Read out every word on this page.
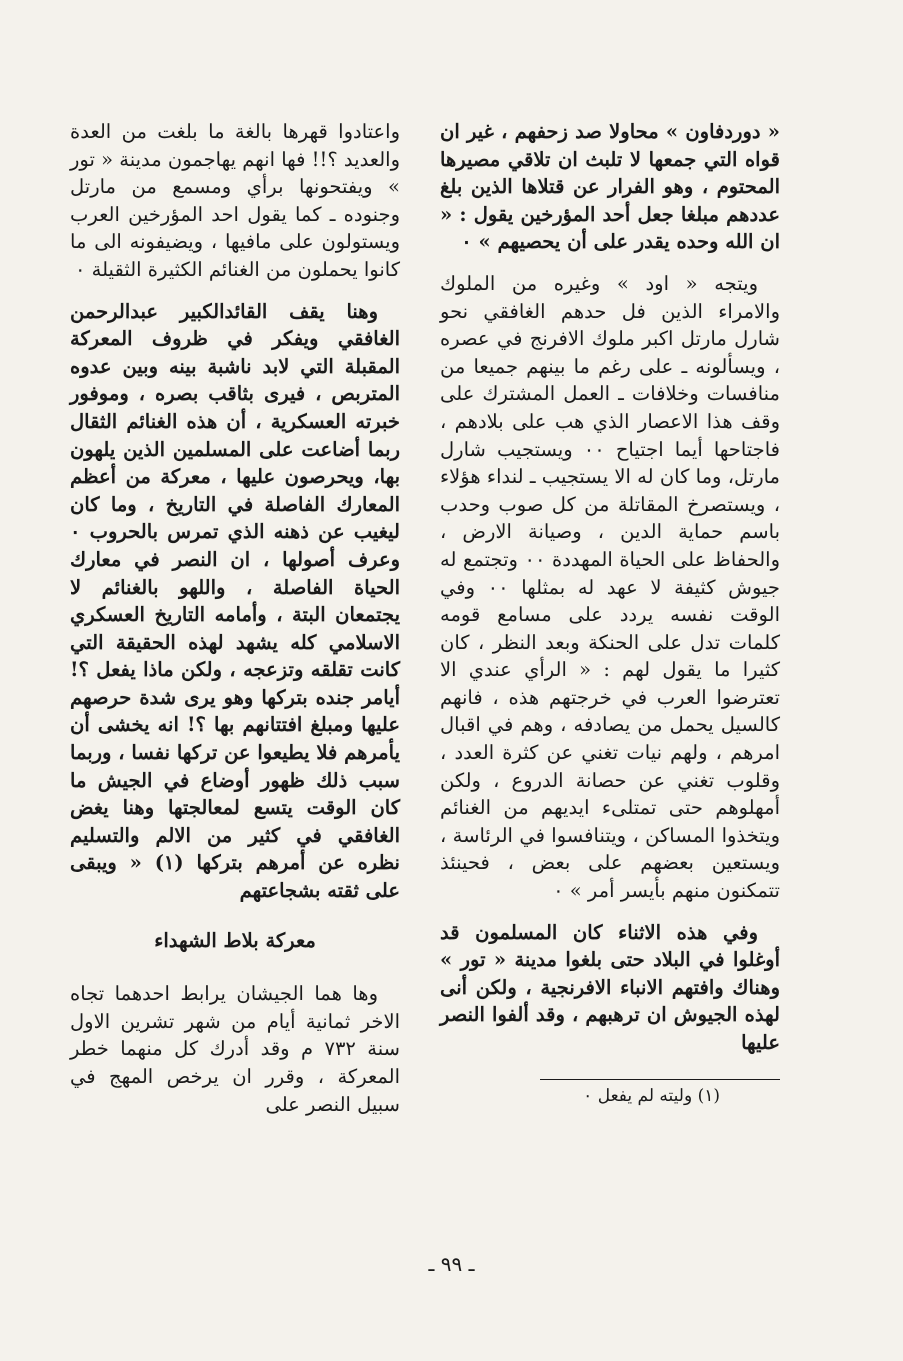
« دوردفاون » محاولا صد زحفهم ، غير ان قواه التي جمعها لا تلبث ان تلاقي مصيرها المحتوم ، وهو الفرار عن قتلاها الذين بلغ عددهم مبلغا جعل أحد المؤرخين يقول : « ان الله وحده يقدر على أن يحصيهم » ٠

ويتجه « اود » وغيره من الملوك والامراء الذين فل حدهم الغافقي نحو شارل مارتل اكبر ملوك الافرنج في عصره ، ويسألونه ـ على رغم ما بينهم جميعا من منافسات وخلافات ـ العمل المشترك على وقف هذا الاعصار الذي هب على بلادهم ، فاجتاحها أيما اجتياح ٠٠ ويستجيب شارل مارتل، وما كان له الا يستجيب ـ لنداء هؤلاء ، ويستصرخ المقاتلة من كل صوب وحدب باسم حماية الدين ، وصيانة الارض ، والحفاظ على الحياة المهددة ٠٠ وتجتمع له جيوش كثيفة لا عهد له بمثلها ٠٠ وفي الوقت نفسه يردد على مسامع قومه كلمات تدل على الحنكة وبعد النظر ، كان كثيرا ما يقول لهم : « الرأي عندي الا تعترضوا العرب في خرجتهم هذه ، فانهم كالسيل يحمل من يصادفه ، وهم في اقبال امرهم ، ولهم نيات تغني عن كثرة العدد ، وقلوب تغني عن حصانة الدروع ، ولكن أمهلوهم حتى تمتلىء ايديهم من الغنائم ويتخذوا المساكن ، ويتنافسوا في الرئاسة ، ويستعين بعضهم على بعض ، فحينئذ تتمكنون منهم بأيسر أمر » ٠

وفي هذه الاثناء كان المسلمون قد أوغلوا في البلاد حتى بلغوا مدينة « تور » وهناك وافتهم الانباء الافرنجية ، ولكن أنى لهذه الجيوش ان ترهبهم ، وقد ألفوا النصر عليها

(١) وليته لم يفعل ٠

واعتادوا قهرها بالغة ما بلغت من العدة والعديد ؟!! فها انهم يهاجمون مدينة « تور » ويفتحونها برأي ومسمع من مارتل وجنوده ـ كما يقول احد المؤرخين العرب ويستولون على مافيها ، ويضيفونه الى ما كانوا يحملون من الغنائم الكثيرة الثقيلة ٠

وهنا يقف القائدالكبير عبدالرحمن الغافقي ويفكر في ظروف المعركة المقبلة التي لابد ناشبة بينه وبين عدوه المتربص ، فيرى بثاقب بصره ، وموفور خبرته العسكرية ، أن هذه الغنائم الثقال ربما أضاعت على المسلمين الذين يلهون بها، ويحرصون عليها ، معركة من أعظم المعارك الفاصلة في التاريخ ، وما كان ليغيب عن ذهنه الذي تمرس بالحروب ٠ وعرف أصولها ، ان النصر في معارك الحياة الفاصلة ، واللهو بالغنائم لا يجتمعان البتة ، وأمامه التاريخ العسكري الاسلامي كله يشهد لهذه الحقيقة التي كانت تقلقه وتزعجه ، ولكن ماذا يفعل ؟! أيامر جنده بتركها وهو يرى شدة حرصهم عليها ومبلغ افتتانهم بها ؟! انه يخشى أن يأمرهم فلا يطيعوا عن تركها نفسا ، وربما سبب ذلك ظهور أوضاع في الجيش ما كان الوقت يتسع لمعالجتها وهنا يغض الغافقي في كثير من الالم والتسليم نظره عن أمرهم بتركها (١) « ويبقى على ثقته بشجاعتهم

معركة بلاط الشهداء

وها هما الجيشان يرابط احدهما تجاه الاخر ثمانية أيام من شهر تشرين الاول سنة ٧٣٢ م وقد أدرك كل منهما خطر المعركة ، وقرر ان يرخص المهج في سبيل النصر على

ـ ٩٩ ـ
